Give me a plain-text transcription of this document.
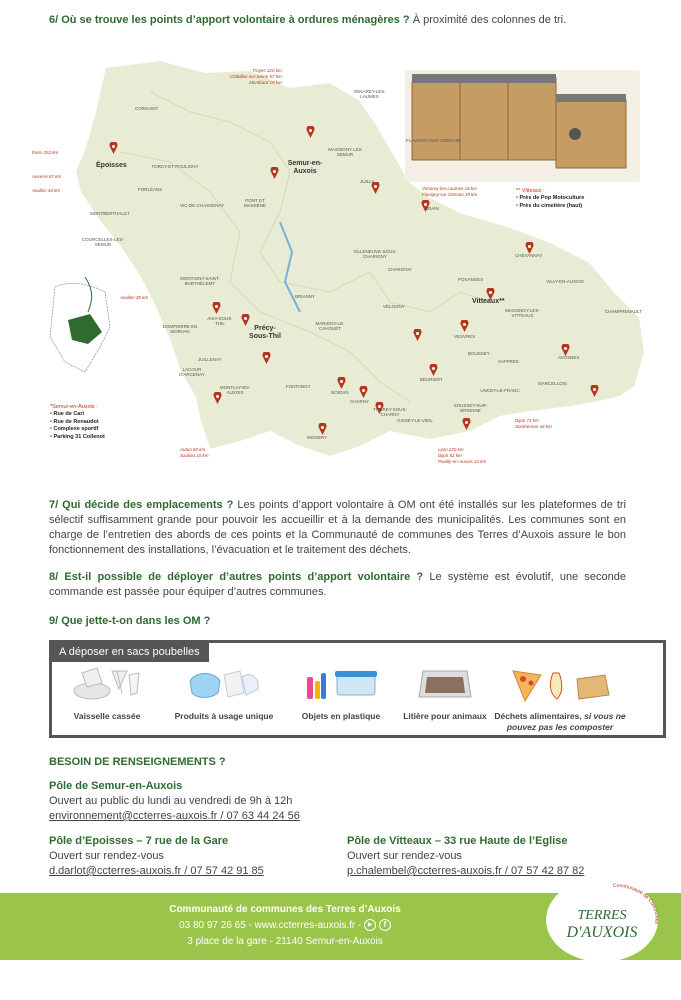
6/ Où se trouve les points d’apport volontaire à ordures ménagères ? À proximité des colonnes de tri.
Époisses	Semur-en-Auxois
Précy-Sous-Thil
Vitteaux**
CORSAINT
JUILLY
PONT ET MASSÈNE
TORCY-ET-POULIGNY
FORLÉANS
VIC-DE-CHASSENAY
MONTBERTHAULT
COURCELLES-LES-SEMUR
MASSIGNY LES SEMUR
BRAIN
CHAMPRENAULT
VILLY-EN-AUXOIS
CHEVANNAY
AVOSNES
MARCELLOIS
NOIDAN
CHARNY
THOREY-SOUS-CHARNY
BEURIZOT
VESVRES
SAFFRES
AISY-SOUS-THIL
DOMPIERRE EN MORVAN
JUILLENAY
LACOUR D'ARCENAY
MONTLAY-EN-AUXOIS
MISSERY
FONTANGY
MONTIGNY-SAINT-BARTHÉLEMY
BRIANNY
VILLENEUVE-SOUS-CHARIGNY
POSANGES
MASSINGY-LES-VITTEAUX
BOUSSEY
UNCEY-LE-FRANC
SOUSSEY-SUR-BRIONNE
GISSEY-LE-VIEIL
MARIGNY-LE-CAHOUËT
FLAVIGNY-SUR-OZERAIN
VENAREY-LES-LAUMES
CHARIGNY
VÉLOGNY
Paris 252 km
Auxerre 87 km
Avallon 44 km
Troyes 120 km
Châtillon-sur-Seine 57 km
Montbard 19 km
Venarey-les-Laumes 16 km
Flavigny-sur-Ozerain 19 km
Dijon 73 km
Sombernon 43 km
Lyon 220 km
Dijon 51 km
Pouilly-en-Auxois 12 km
Autun 82 km
Saulieu 10 km
Avallon 35 km
** Vitteaux :
• Près de Pop Motoculture
• Près du cimetière (haut)
*Semur-en-Auxois :
• Rue de Cari
• Rue de Renaudot
• Complexe sportif
• Parking 31 Collenot
7/ Qui décide des emplacements ? Les points d’apport volontaire à OM ont été installés sur les plateformes de tri sélectif suffisamment grande pour pouvoir les accueillir et à la demande des municipalités. Les communes sont en charge de l’entretien des abords de ces points et la Communauté de communes des Terres d’Auxois assure le bon fonctionnement des installations, l’évacuation et le traitement des déchets.
8/ Est-il possible de déployer d’autres points d’apport volontaire ? Le système est évolutif, une seconde commande est passée pour équiper d’autres communes.
9/ Que jette-t-on dans les OM ?
A déposer en sacs poubelles
Vaisselle cassée	Produits à usage unique	Objets en plastique	Litière pour animaux Déchets alimentaires, si vous ne pouvez pas les composter
BESOIN DE RENSEIGNEMENTS ?
Pôle de Semur-en-Auxois
Ouvert au public du lundi au vendredi de 9h à 12h
environnement@ccterres-auxois.fr / 07 63 44 24 56
Pôle d’Epoisses – 7 rue de la Gare
Ouvert sur rendez-vous
d.darlot@ccterres-auxois.fr / 07 57 42 91 85
Pôle de Vitteaux – 33 rue Haute de l’Eglise
Ouvert sur rendez-vous
p.chalembel@ccterres-auxois.fr / 07 57 42 87 82
Communauté de communes des Terres d’Auxois
03 80 97 26 65 - www.ccterres-auxois.fr - ▶ f
3 place de la gare - 21140 Semur-en-Auxois
Communauté de Communes
TERRES
D'AUXOIS
